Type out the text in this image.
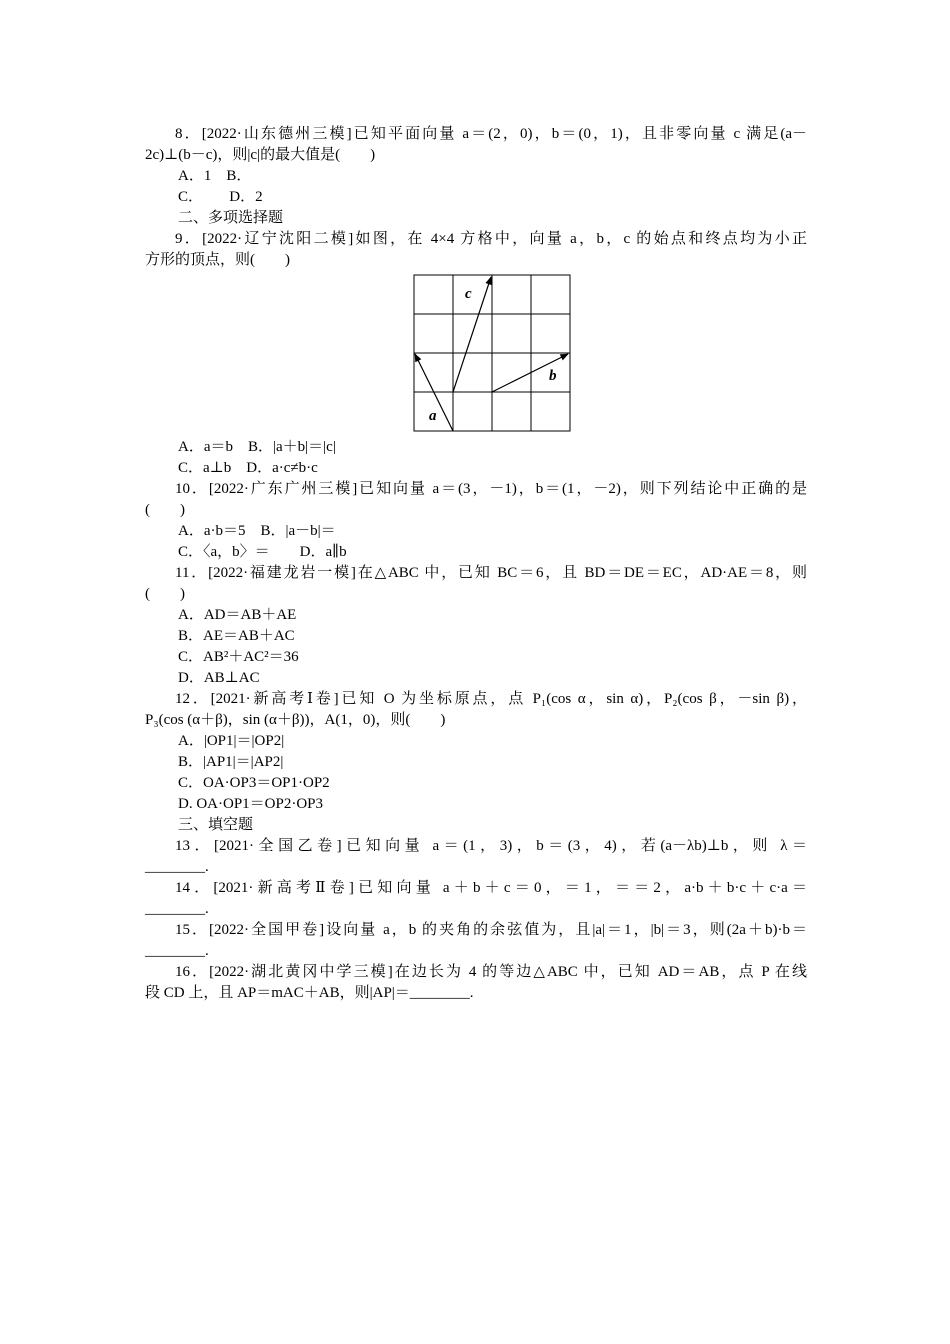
8．[2022·山东德州三模]已知平面向量 a＝(2，0)，b＝(0，1)，且非零向量 c 满足(a－
2c)⊥(b－c)，则|c|的最大值是(　　)
A．1　B．
C．　　 D．2
二、多项选择题
9．[2022·辽宁沈阳二模]如图，在 4×4 方格中，向量 a，b，c 的始点和终点均为小正
方形的顶点，则(　　)
a
b
c
A．a＝b　B．|a＋b|＝|c|
C．a⊥b　D．a·c≠b·c
10．[2022·广东广州三模]已知向量 a＝(3，－1)，b＝(1，－2)，则下列结论中正确的是
(　　)
A．a·b＝5　B．|a－b|＝
C．〈a，b〉＝　　D．a∥b
11．[2022·福建龙岩一模]在△ABC 中，已知 BC＝6，且 BD＝DE＝EC，AD·AE＝8，则
(　　)
A．AD＝AB＋AE
B．AE＝AB＋AC
C．AB²＋AC²＝36
D．AB⊥AC
12．[2021·新高考Ⅰ卷]已知 O 为坐标原点，点 P₁(cos α，sin α)，P₂(cos β，－sin β)，
P₃(cos (α＋β)，sin (α＋β))，A(1，0)，则(　　)
A．|OP1|＝|OP2|
B．|AP1|＝|AP2|
C．OA·OP3＝OP1·OP2
D. OA·OP1＝OP2·OP3
三、填空题
13．[2021·全国乙卷]已知向量 a＝(1，3)，b＝(3，4)，若(a－λb)⊥b，则 λ＝
________.
14．[2021·新高考Ⅱ卷]已知向量 a＋b＋c＝0，＝1，＝＝2，a·b＋b·c＋c·a＝
________.
15．[2022·全国甲卷]设向量 a，b 的夹角的余弦值为，且|a|＝1，|b|＝3，则(2a＋b)·b＝
________.
16．[2022·湖北黄冈中学三模]在边长为 4 的等边△ABC 中，已知 AD＝AB，点 P 在线
段 CD 上，且 AP＝mAC＋AB，则|AP|＝________.
